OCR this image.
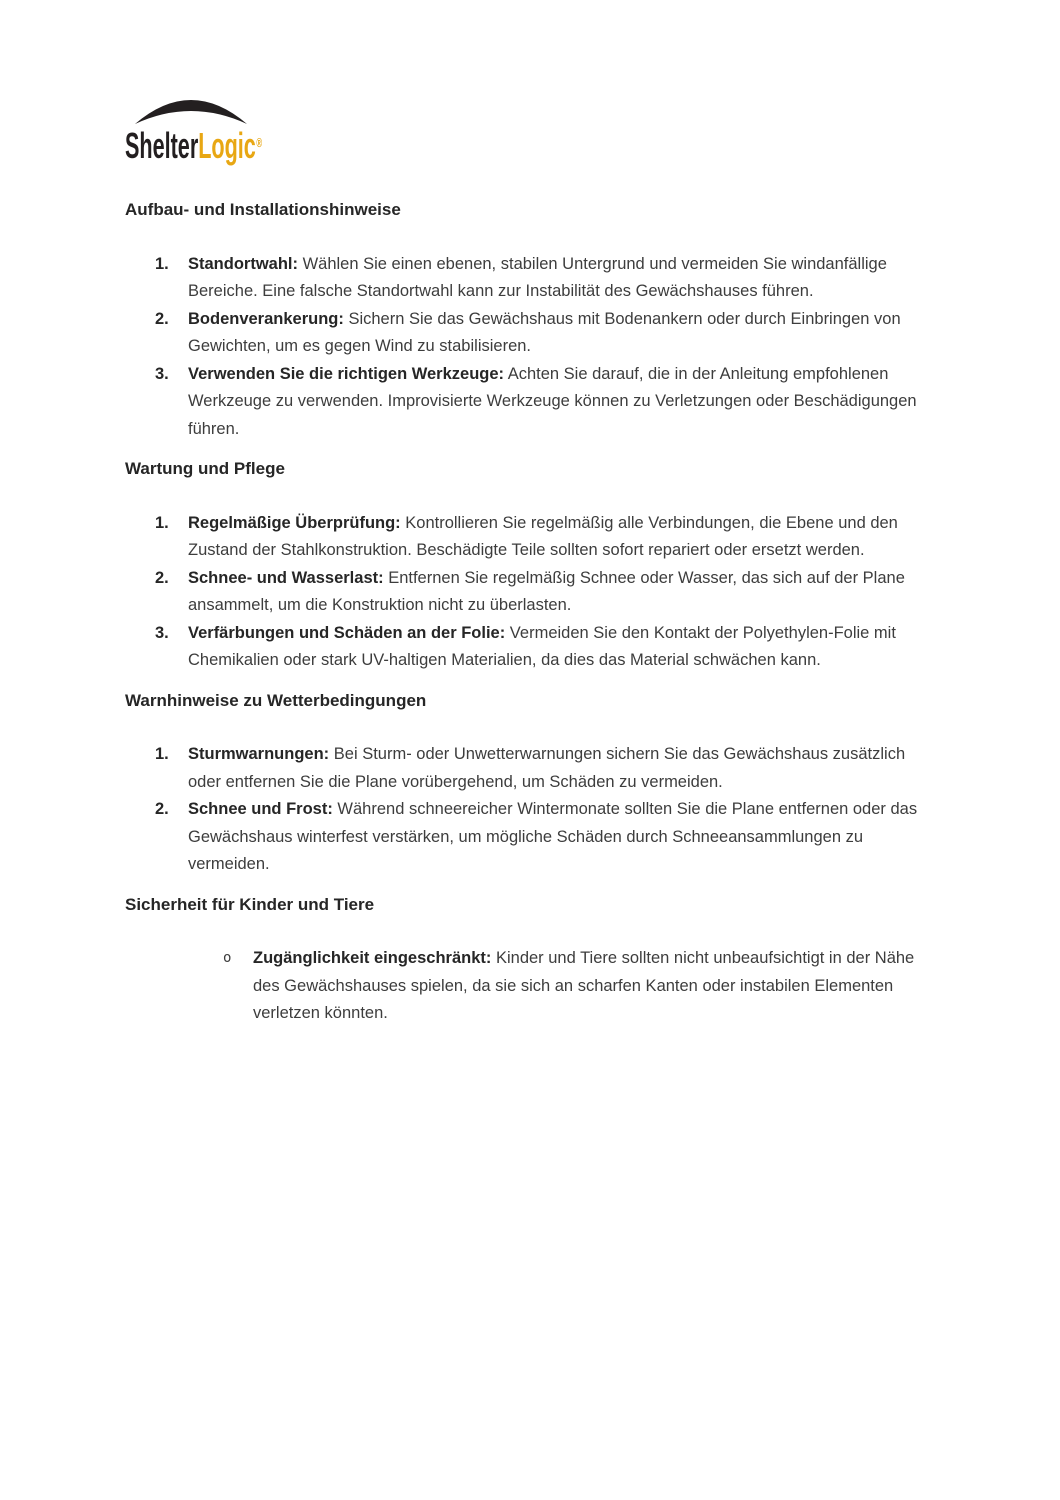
ShelterLogic®
Aufbau- und Installationshinweise
1.	Standortwahl: Wählen Sie einen ebenen, stabilen Untergrund und vermeiden Sie windanfällige Bereiche. Eine falsche Standortwahl kann zur Instabilität des Gewächshauses führen.

2.	Bodenverankerung: Sichern Sie das Gewächshaus mit Bodenankern oder durch Einbringen von Gewichten, um es gegen Wind zu stabilisieren.

3.	Verwenden Sie die richtigen Werkzeuge: Achten Sie darauf, die in der Anleitung empfohlenen Werkzeuge zu verwenden. Improvisierte Werkzeuge können zu Verletzungen oder Beschädigungen führen.

Wartung und Pflege
1.	Regelmäßige Überprüfung: Kontrollieren Sie regelmäßig alle Verbindungen, die Ebene und den Zustand der Stahlkonstruktion. Beschädigte Teile sollten sofort repariert oder ersetzt werden.

2.	Schnee- und Wasserlast: Entfernen Sie regelmäßig Schnee oder Wasser, das sich auf der Plane ansammelt, um die Konstruktion nicht zu überlasten.

3.	Verfärbungen und Schäden an der Folie: Vermeiden Sie den Kontakt der Polyethylen-Folie mit Chemikalien oder stark UV-haltigen Materialien, da dies das Material schwächen kann.

Warnhinweise zu Wetterbedingungen
1.	Sturmwarnungen: Bei Sturm- oder Unwetterwarnungen sichern Sie das Gewächshaus zusätzlich oder entfernen Sie die Plane vorübergehend, um Schäden zu vermeiden.

2.	Schnee und Frost: Während schneereicher Wintermonate sollten Sie die Plane entfernen oder das Gewächshaus winterfest verstärken, um mögliche Schäden durch Schneeansammlungen zu vermeiden.

Sicherheit für Kinder und Tiere
o	Zugänglichkeit eingeschränkt: Kinder und Tiere sollten nicht unbeaufsichtigt in der Nähe des Gewächshauses spielen, da sie sich an scharfen Kanten oder instabilen Elementen verletzen könnten.
